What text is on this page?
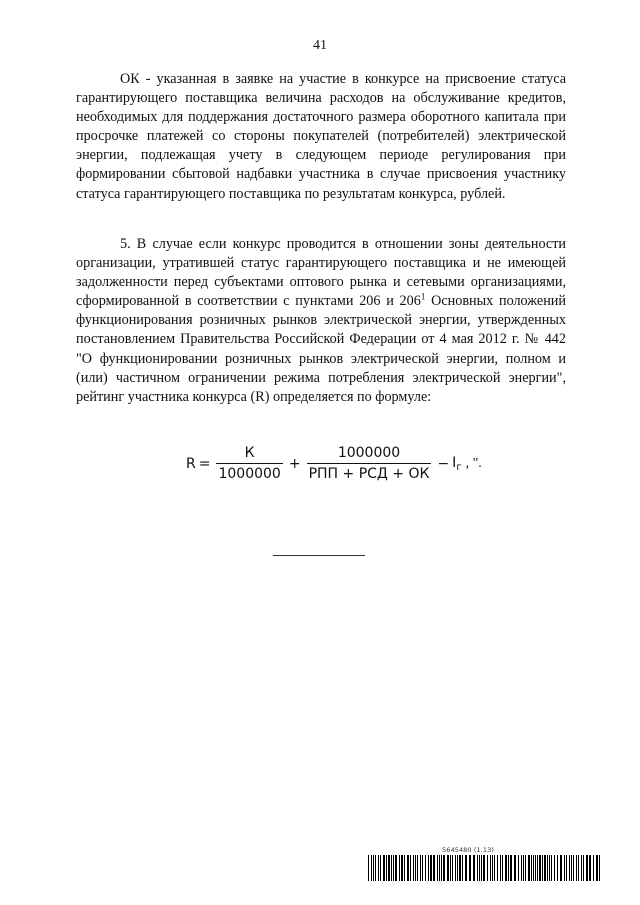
41

ОК - указанная в заявке на участие в конкурсе на присвоение статуса гарантирующего поставщика величина расходов на обслуживание кредитов, необходимых для поддержания достаточного размера оборотного капитала при просрочке платежей со стороны покупателей (потребителей) электрической энергии, подлежащая учету в следующем периоде регулирования при формировании сбытовой надбавки участника в случае присвоения участнику статуса гарантирующего поставщика по результатам конкурса, рублей.

5. В случае если конкурс проводится в отношении зоны деятельности организации, утратившей статус гарантирующего поставщика и не имеющей задолженности перед субъектами оптового рынка и сетевыми организациями, сформированной в соответствии с пунктами 206 и $206^1$ Основных положений функционирования розничных рынков электрической энергии, утвержденных постановлением Правительства Российской Федерации от 4 мая 2012 г. № 442 "О функционировании розничных рынков электрической энергии, полном и (или) частичном ограничении режима потребления электрической энергии", рейтинг участника конкурса (R) определяется по формуле:

$R = \frac{К}{1000000} + \frac{1000000}{\text{РПП + РСД + ОК}} - I_г$ , ".
5645480 (1.13)
